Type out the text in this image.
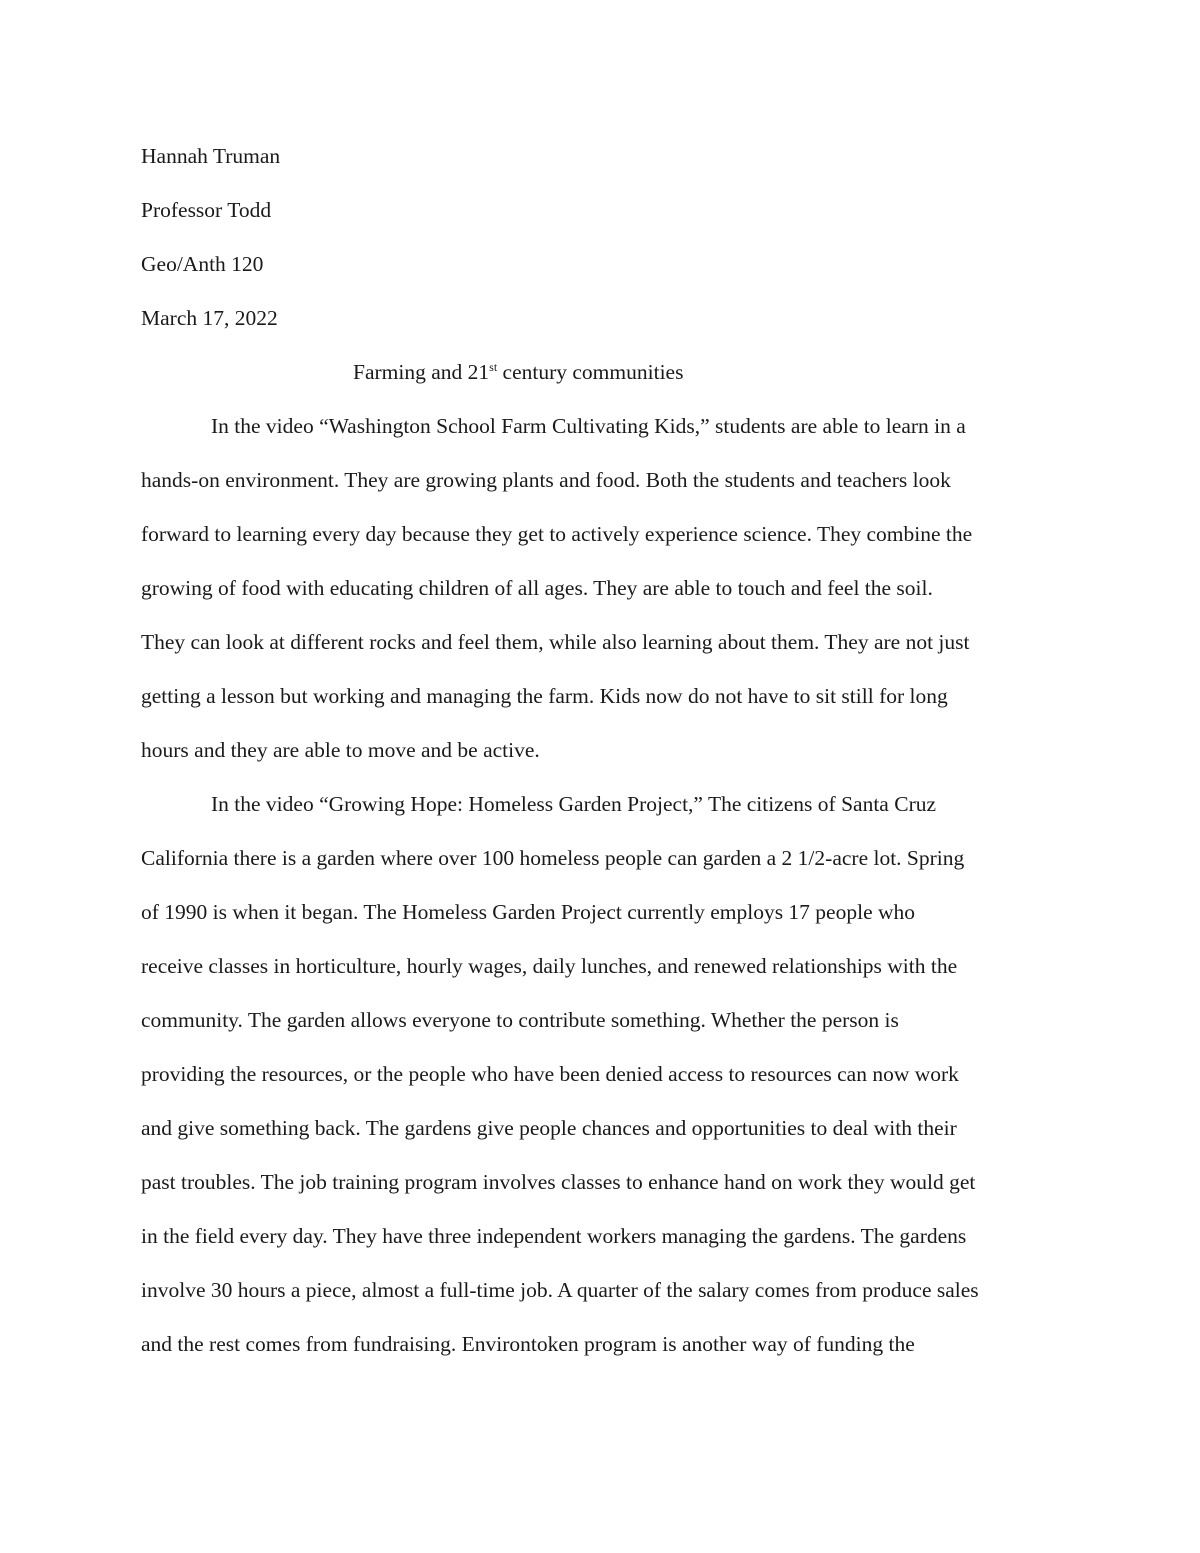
Hannah Truman

Professor Todd

Geo/Anth 120

March 17, 2022

Farming and 21st century communities

In the video “Washington School Farm Cultivating Kids,” students are able to learn in a

hands-on environment. They are growing plants and food. Both the students and teachers look

forward to learning every day because they get to actively experience science. They combine the

growing of food with educating children of all ages. They are able to touch and feel the soil.

They can look at different rocks and feel them, while also learning about them. They are not just

getting a lesson but working and managing the farm. Kids now do not have to sit still for long

hours and they are able to move and be active.

In the video “Growing Hope: Homeless Garden Project,” The citizens of Santa Cruz

California there is a garden where over 100 homeless people can garden a 2 1/2-acre lot. Spring

of 1990 is when it began. The Homeless Garden Project currently employs 17 people who

receive classes in horticulture, hourly wages, daily lunches, and renewed relationships with the

community. The garden allows everyone to contribute something. Whether the person is

providing the resources, or the people who have been denied access to resources can now work

and give something back. The gardens give people chances and opportunities to deal with their

past troubles. The job training program involves classes to enhance hand on work they would get

in the field every day. They have three independent workers managing the gardens. The gardens

involve 30 hours a piece, almost a full-time job. A quarter of the salary comes from produce sales

and the rest comes from fundraising. Environtoken program is another way of funding the
